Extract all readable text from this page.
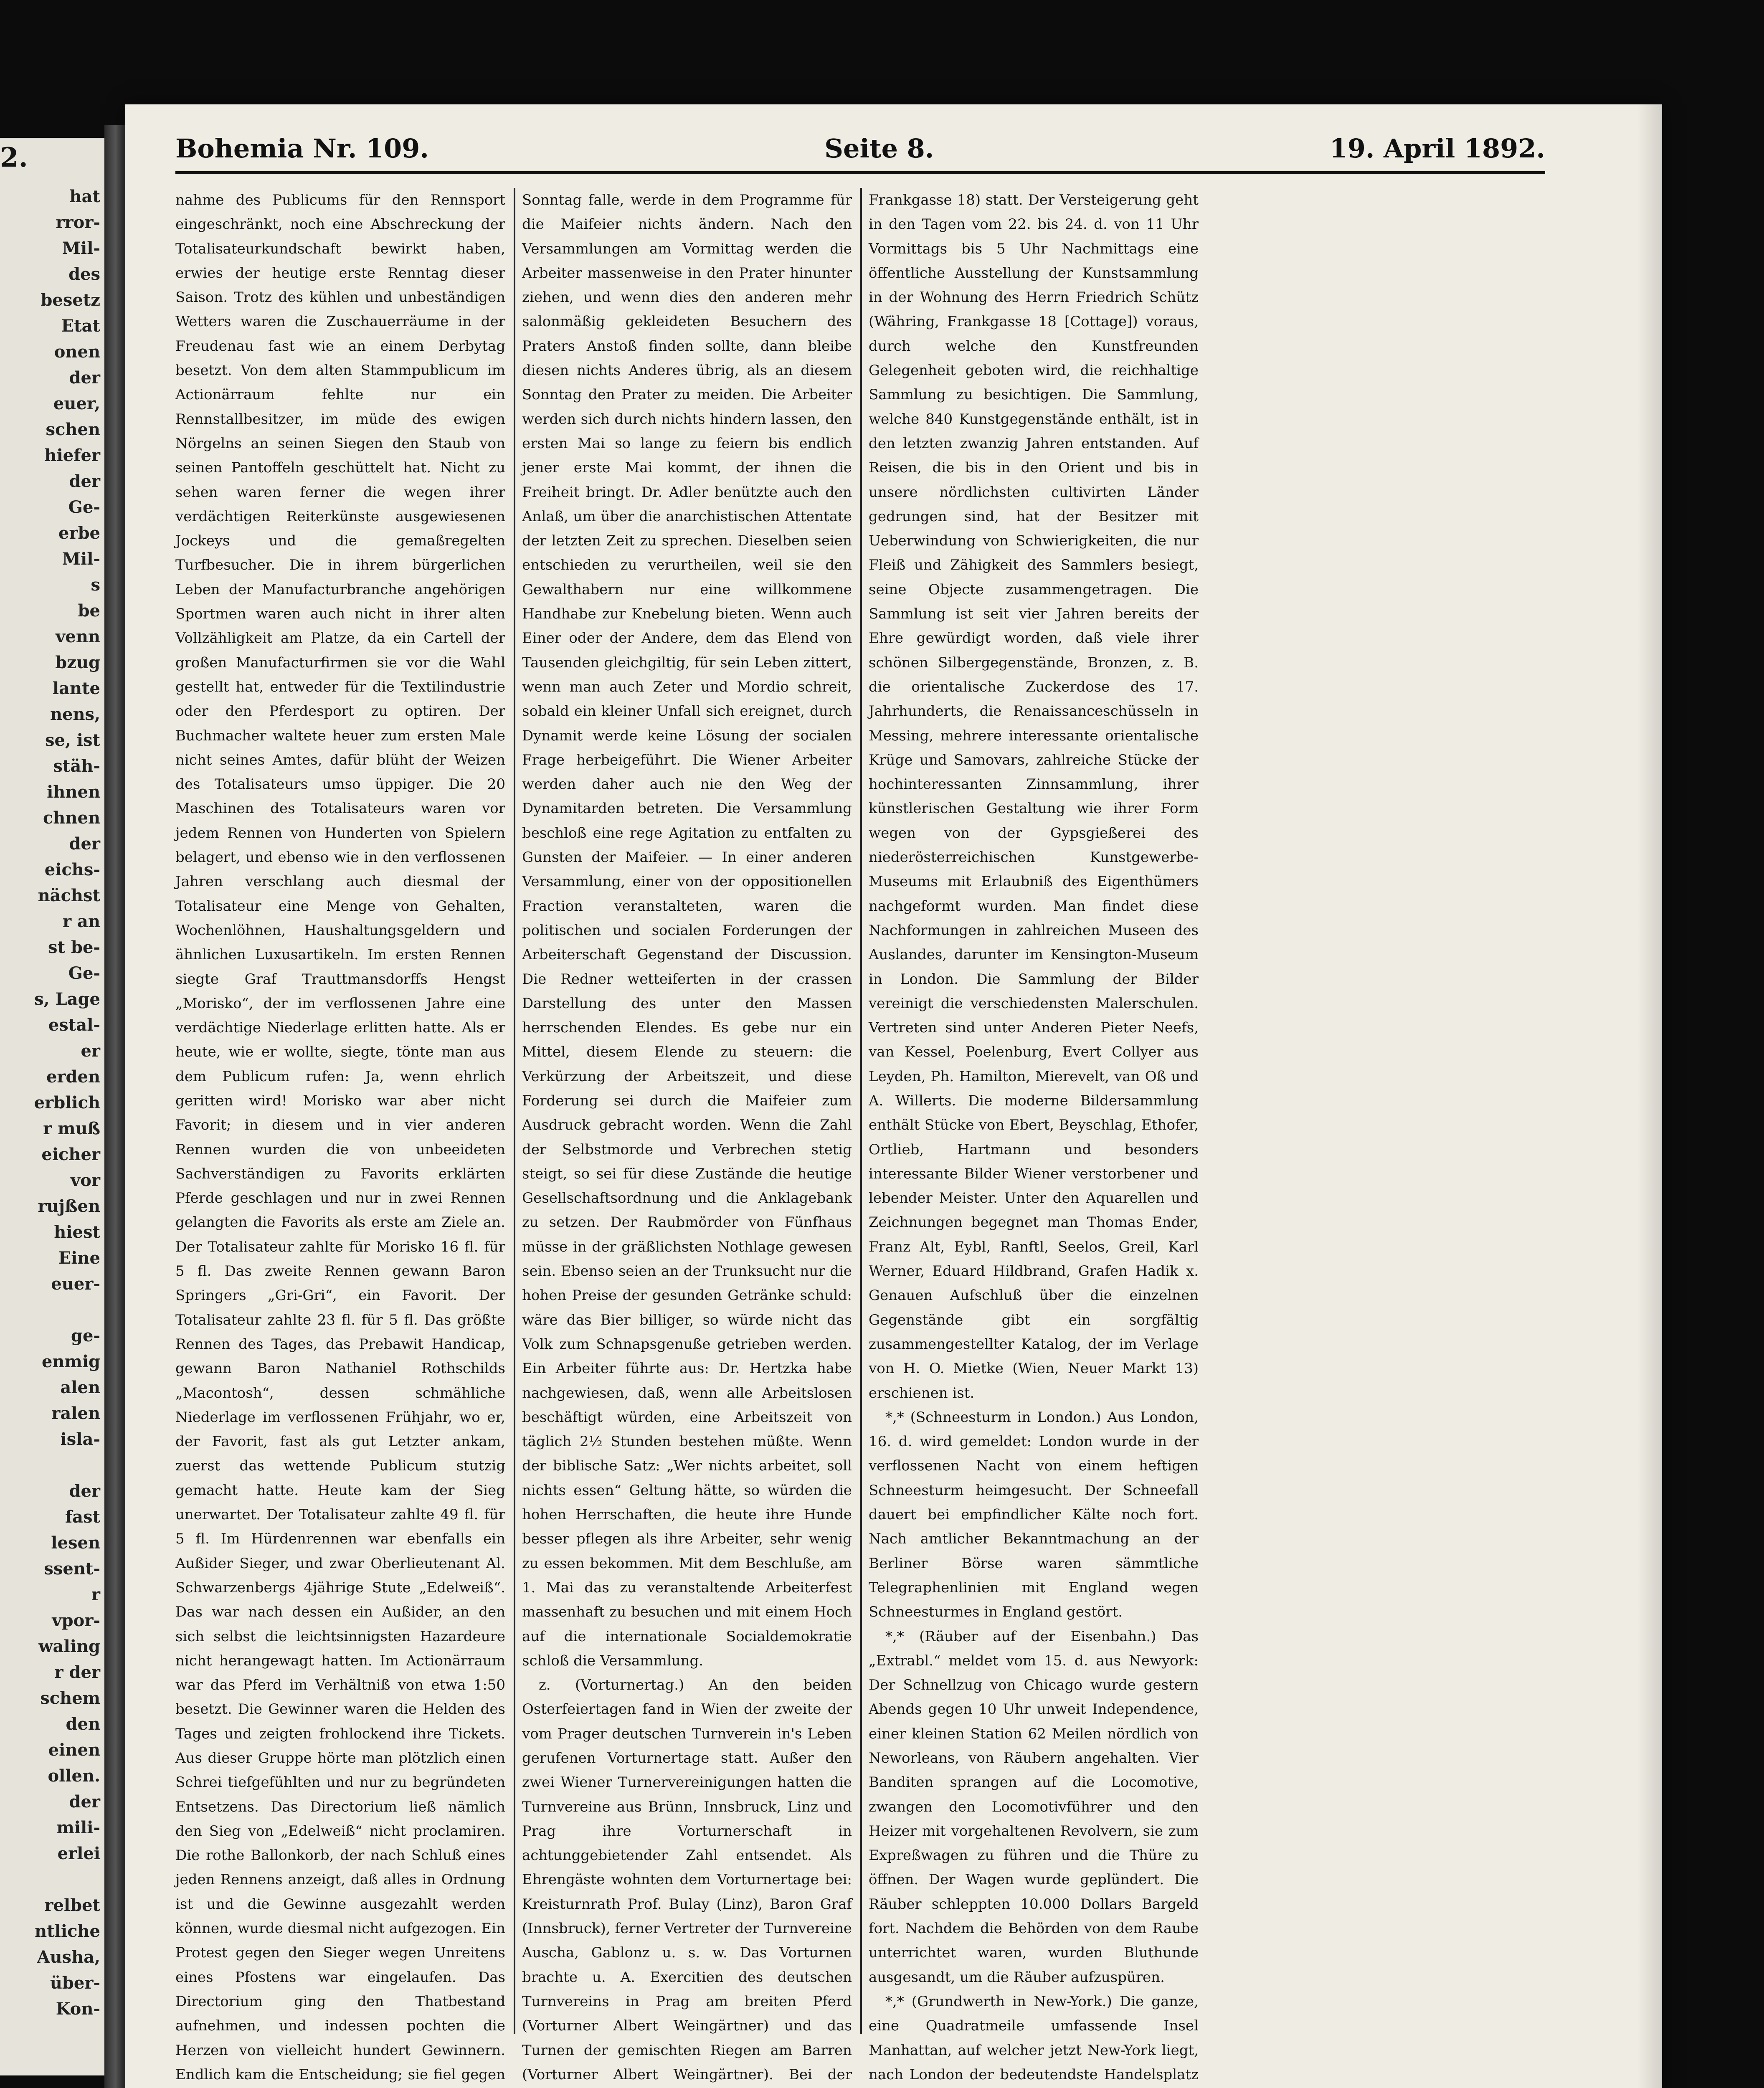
2.
hat
rror-
Mil-
des
besetz
Etat
onen
der
euer,
schen
hiefer
der
Ge-
erbe
Mil-
s
be
venn
bzug
lante
nens,
se, ist
stäh-
ihnen
chnen
der
eichs-
nächst
r an
st be-
Ge-
s, Lage
estal-
er
erden
erblich
r muß
eicher
vor
rujßen
hiest
Eine
euer-

ge-
enmig
alen
ralen
isla-

der
fast
lesen
ssent-
r
vpor-
waling
r der
schem
den
einen
ollen.
der
mili-
erlei

relbet
ntliche
Ausha,
über-
Kon-
Bohemia Nr. 109.	Seite 8.	19. April 1892.

nahme des Publicums für den Rennsport eingeschränkt, noch eine Abschreckung der Totalisateurkundschaft bewirkt haben, erwies der heutige erste Renntag dieser Saison. Trotz des kühlen und unbeständigen Wetters waren die Zuschauerräume in der Freudenau fast wie an einem Derbytag besetzt. Von dem alten Stammpublicum im Actionärraum fehlte nur ein Rennstallbesitzer, im müde des ewigen Nörgelns an seinen Siegen den Staub von seinen Pantoffeln geschüttelt hat. Nicht zu sehen waren ferner die wegen ihrer verdächtigen Reiterkünste ausgewiesenen Jockeys und die gemaßregelten Turfbesucher. Die in ihrem bürgerlichen Leben der Manufacturbranche angehörigen Sportmen waren auch nicht in ihrer alten Vollzähligkeit am Platze, da ein Cartell der großen Manufacturfirmen sie vor die Wahl gestellt hat, entweder für die Textilindustrie oder den Pferdesport zu optiren. Der Buchmacher waltete heuer zum ersten Male nicht seines Amtes, dafür blüht der Weizen des Totalisateurs umso üppiger. Die 20 Maschinen des Totalisateurs waren vor jedem Rennen von Hunderten von Spielern belagert, und ebenso wie in den verflossenen Jahren verschlang auch diesmal der Totalisateur eine Menge von Gehalten, Wochenlöhnen, Haushaltungsgeldern und ähnlichen Luxusartikeln. Im ersten Rennen siegte Graf Trauttmansdorffs Hengst „Morisko“, der im verflossenen Jahre eine verdächtige Niederlage erlitten hatte. Als er heute, wie er wollte, siegte, tönte man aus dem Publicum rufen: Ja, wenn ehrlich geritten wird! Morisko war aber nicht Favorit; in diesem und in vier anderen Rennen wurden die von unbeeideten Sachverständigen zu Favorits erklärten Pferde geschlagen und nur in zwei Rennen gelangten die Favorits als erste am Ziele an. Der Totalisateur zahlte für Morisko 16 fl. für 5 fl. Das zweite Rennen gewann Baron Springers „Gri-Gri“, ein Favorit. Der Totalisateur zahlte 23 fl. für 5 fl. Das größte Rennen des Tages, das Prebawit Handicap, gewann Baron Nathaniel Rothschilds „Macontosh“, dessen schmähliche Niederlage im verflossenen Frühjahr, wo er, der Favorit, fast als gut Letzter ankam, zuerst das wettende Publicum stutzig gemacht hatte. Heute kam der Sieg unerwartet. Der Totalisateur zahlte 49 fl. für 5 fl. Im Hürdenrennen war ebenfalls ein Außider Sieger, und zwar Oberlieutenant Al. Schwarzenbergs 4jährige Stute „Edelweiß“. Das war nach dessen ein Außider, an den sich selbst die leichtsinnigsten Hazardeure nicht herangewagt hatten. Im Actionärraum war das Pferd im Verhältniß von etwa 1:50 besetzt. Die Gewinner waren die Helden des Tages und zeigten frohlockend ihre Tickets. Aus dieser Gruppe hörte man plötzlich einen Schrei tiefgefühlten und nur zu begründeten Entsetzens. Das Directorium ließ nämlich den Sieg von „Edelweiß“ nicht proclamiren. Die rothe Ballonkorb, der nach Schluß eines jeden Rennens anzeigt, daß alles in Ordnung ist und die Gewinne ausgezahlt werden können, wurde diesmal nicht aufgezogen. Ein Protest gegen den Sieger wegen Unreitens eines Pfostens war eingelaufen. Das Directorium ging den Thatbestand aufnehmen, und indessen pochten die Herzen von vielleicht hundert Gewinnern. Endlich kam die Entscheidung; sie fiel gegen

Sonntag falle, werde in dem Programme für die Maifeier nichts ändern. Nach den Versammlungen am Vormittag werden die Arbeiter massenweise in den Prater hinunter ziehen, und wenn dies den anderen mehr salonmäßig gekleideten Besuchern des Praters Anstoß finden sollte, dann bleibe diesen nichts Anderes übrig, als an diesem Sonntag den Prater zu meiden. Die Arbeiter werden sich durch nichts hindern lassen, den ersten Mai so lange zu feiern bis endlich jener erste Mai kommt, der ihnen die Freiheit bringt. Dr. Adler benützte auch den Anlaß, um über die anarchistischen Attentate der letzten Zeit zu sprechen. Dieselben seien entschieden zu verurtheilen, weil sie den Gewalthabern nur eine willkommene Handhabe zur Knebelung bieten. Wenn auch Einer oder der Andere, dem das Elend von Tausenden gleichgiltig, für sein Leben zittert, wenn man auch Zeter und Mordio schreit, sobald ein kleiner Unfall sich ereignet, durch Dynamit werde keine Lösung der socialen Frage herbeigeführt. Die Wiener Arbeiter werden daher auch nie den Weg der Dynamitarden betreten. Die Versammlung beschloß eine rege Agitation zu entfalten zu Gunsten der Maifeier. — In einer anderen Versammlung, einer von der oppositionellen Fraction veranstalteten, waren die politischen und socialen Forderungen der Arbeiterschaft Gegenstand der Discussion. Die Redner wetteiferten in der crassen Darstellung des unter den Massen herrschenden Elendes. Es gebe nur ein Mittel, diesem Elende zu steuern: die Verkürzung der Arbeitszeit, und diese Forderung sei durch die Maifeier zum Ausdruck gebracht worden. Wenn die Zahl der Selbstmorde und Verbrechen stetig steigt, so sei für diese Zustände die heutige Gesellschaftsordnung und die Anklagebank zu setzen. Der Raubmörder von Fünfhaus müsse in der gräßlichsten Nothlage gewesen sein. Ebenso seien an der Trunksucht nur die hohen Preise der gesunden Getränke schuld: wäre das Bier billiger, so würde nicht das Volk zum Schnapsgenuße getrieben werden. Ein Arbeiter führte aus: Dr. Hertzka habe nachgewiesen, daß, wenn alle Arbeitslosen beschäftigt würden, eine Arbeitszeit von täglich 2½ Stunden bestehen müßte. Wenn der biblische Satz: „Wer nichts arbeitet, soll nichts essen“ Geltung hätte, so würden die hohen Herrschaften, die heute ihre Hunde besser pflegen als ihre Arbeiter, sehr wenig zu essen bekommen. Mit dem Beschluße, am 1. Mai das zu veranstaltende Arbeiterfest massenhaft zu besuchen und mit einem Hoch auf die internationale Socialdemokratie schloß die Versammlung.

z. (Vorturnertag.) An den beiden Osterfeiertagen fand in Wien der zweite der vom Prager deutschen Turnverein in's Leben gerufenen Vorturnertage statt. Außer den zwei Wiener Turnervereinigungen hatten die Turnvereine aus Brünn, Innsbruck, Linz und Prag ihre Vorturnerschaft in achtunggebietender Zahl entsendet. Als Ehrengäste wohnten dem Vorturnertage bei: Kreisturnrath Prof. Bulay (Linz), Baron Graf (Innsbruck), ferner Vertreter der Turnvereine Auscha, Gablonz u. s. w. Das Vorturnen brachte u. A. Exercitien des deutschen Turnvereins in Prag am breiten Pferd (Vorturner Albert Weingärtner) und das Turnen der gemischten Riegen am Barren (Vorturner Albert Weingärtner). Bei der

Frankgasse 18) statt. Der Versteigerung geht in den Tagen vom 22. bis 24. d. von 11 Uhr Vormittags bis 5 Uhr Nachmittags eine öffentliche Ausstellung der Kunstsammlung in der Wohnung des Herrn Friedrich Schütz (Währing, Frankgasse 18 [Cottage]) voraus, durch welche den Kunstfreunden Gelegenheit geboten wird, die reichhaltige Sammlung zu besichtigen. Die Sammlung, welche 840 Kunstgegenstände enthält, ist in den letzten zwanzig Jahren entstanden. Auf Reisen, die bis in den Orient und bis in unsere nördlichsten cultivirten Länder gedrungen sind, hat der Besitzer mit Ueberwindung von Schwierigkeiten, die nur Fleiß und Zähigkeit des Sammlers besiegt, seine Objecte zusammengetragen. Die Sammlung ist seit vier Jahren bereits der Ehre gewürdigt worden, daß viele ihrer schönen Silbergegenstände, Bronzen, z. B. die orientalische Zuckerdose des 17. Jahrhunderts, die Renaissanceschüsseln in Messing, mehrere interessante orientalische Krüge und Samovars, zahlreiche Stücke der hochinteressanten Zinnsammlung, ihrer künstlerischen Gestaltung wie ihrer Form wegen von der Gypsgießerei des niederösterreichischen Kunstgewerbe-Museums mit Erlaubniß des Eigenthümers nachgeformt wurden. Man findet diese Nachformungen in zahlreichen Museen des Auslandes, darunter im Kensington-Museum in London. Die Sammlung der Bilder vereinigt die verschiedensten Malerschulen. Vertreten sind unter Anderen Pieter Neefs, van Kessel, Poelenburg, Evert Collyer aus Leyden, Ph. Hamilton, Mierevelt, van Oß und A. Willerts. Die moderne Bildersammlung enthält Stücke von Ebert, Beyschlag, Ethofer, Ortlieb, Hartmann und besonders interessante Bilder Wiener verstorbener und lebender Meister. Unter den Aquarellen und Zeichnungen begegnet man Thomas Ender, Franz Alt, Eybl, Ranftl, Seelos, Greil, Karl Werner, Eduard Hildbrand, Grafen Hadik x. Genauen Aufschluß über die einzelnen Gegenstände gibt ein sorgfältig zusammengestellter Katalog, der im Verlage von H. O. Mietke (Wien, Neuer Markt 13) erschienen ist.

*,* (Schneesturm in London.) Aus London, 16. d. wird gemeldet: London wurde in der verflossenen Nacht von einem heftigen Schneesturm heimgesucht. Der Schneefall dauert bei empfindlicher Kälte noch fort. Nach amtlicher Bekanntmachung an der Berliner Börse waren sämmtliche Telegraphenlinien mit England wegen Schneesturmes in England gestört.

*,* (Räuber auf der Eisenbahn.) Das „Extrabl.“ meldet vom 15. d. aus Newyork: Der Schnellzug von Chicago wurde gestern Abends gegen 10 Uhr unweit Independence, einer kleinen Station 62 Meilen nördlich von Neworleans, von Räubern angehalten. Vier Banditen sprangen auf die Locomotive, zwangen den Locomotivführer und den Heizer mit vorgehaltenen Revolvern, sie zum Expreßwagen zu führen und die Thüre zu öffnen. Der Wagen wurde geplündert. Die Räuber schleppten 10.000 Dollars Bargeld fort. Nachdem die Behörden von dem Raube unterrichtet waren, wurden Bluthunde ausgesandt, um die Räuber aufzuspüren.

*,* (Grundwerth in New-York.) Die ganze, eine Quadratmeile umfassende Insel Manhattan, auf welcher jetzt New-York liegt, nach London der bedeutendste Handelsplatz
